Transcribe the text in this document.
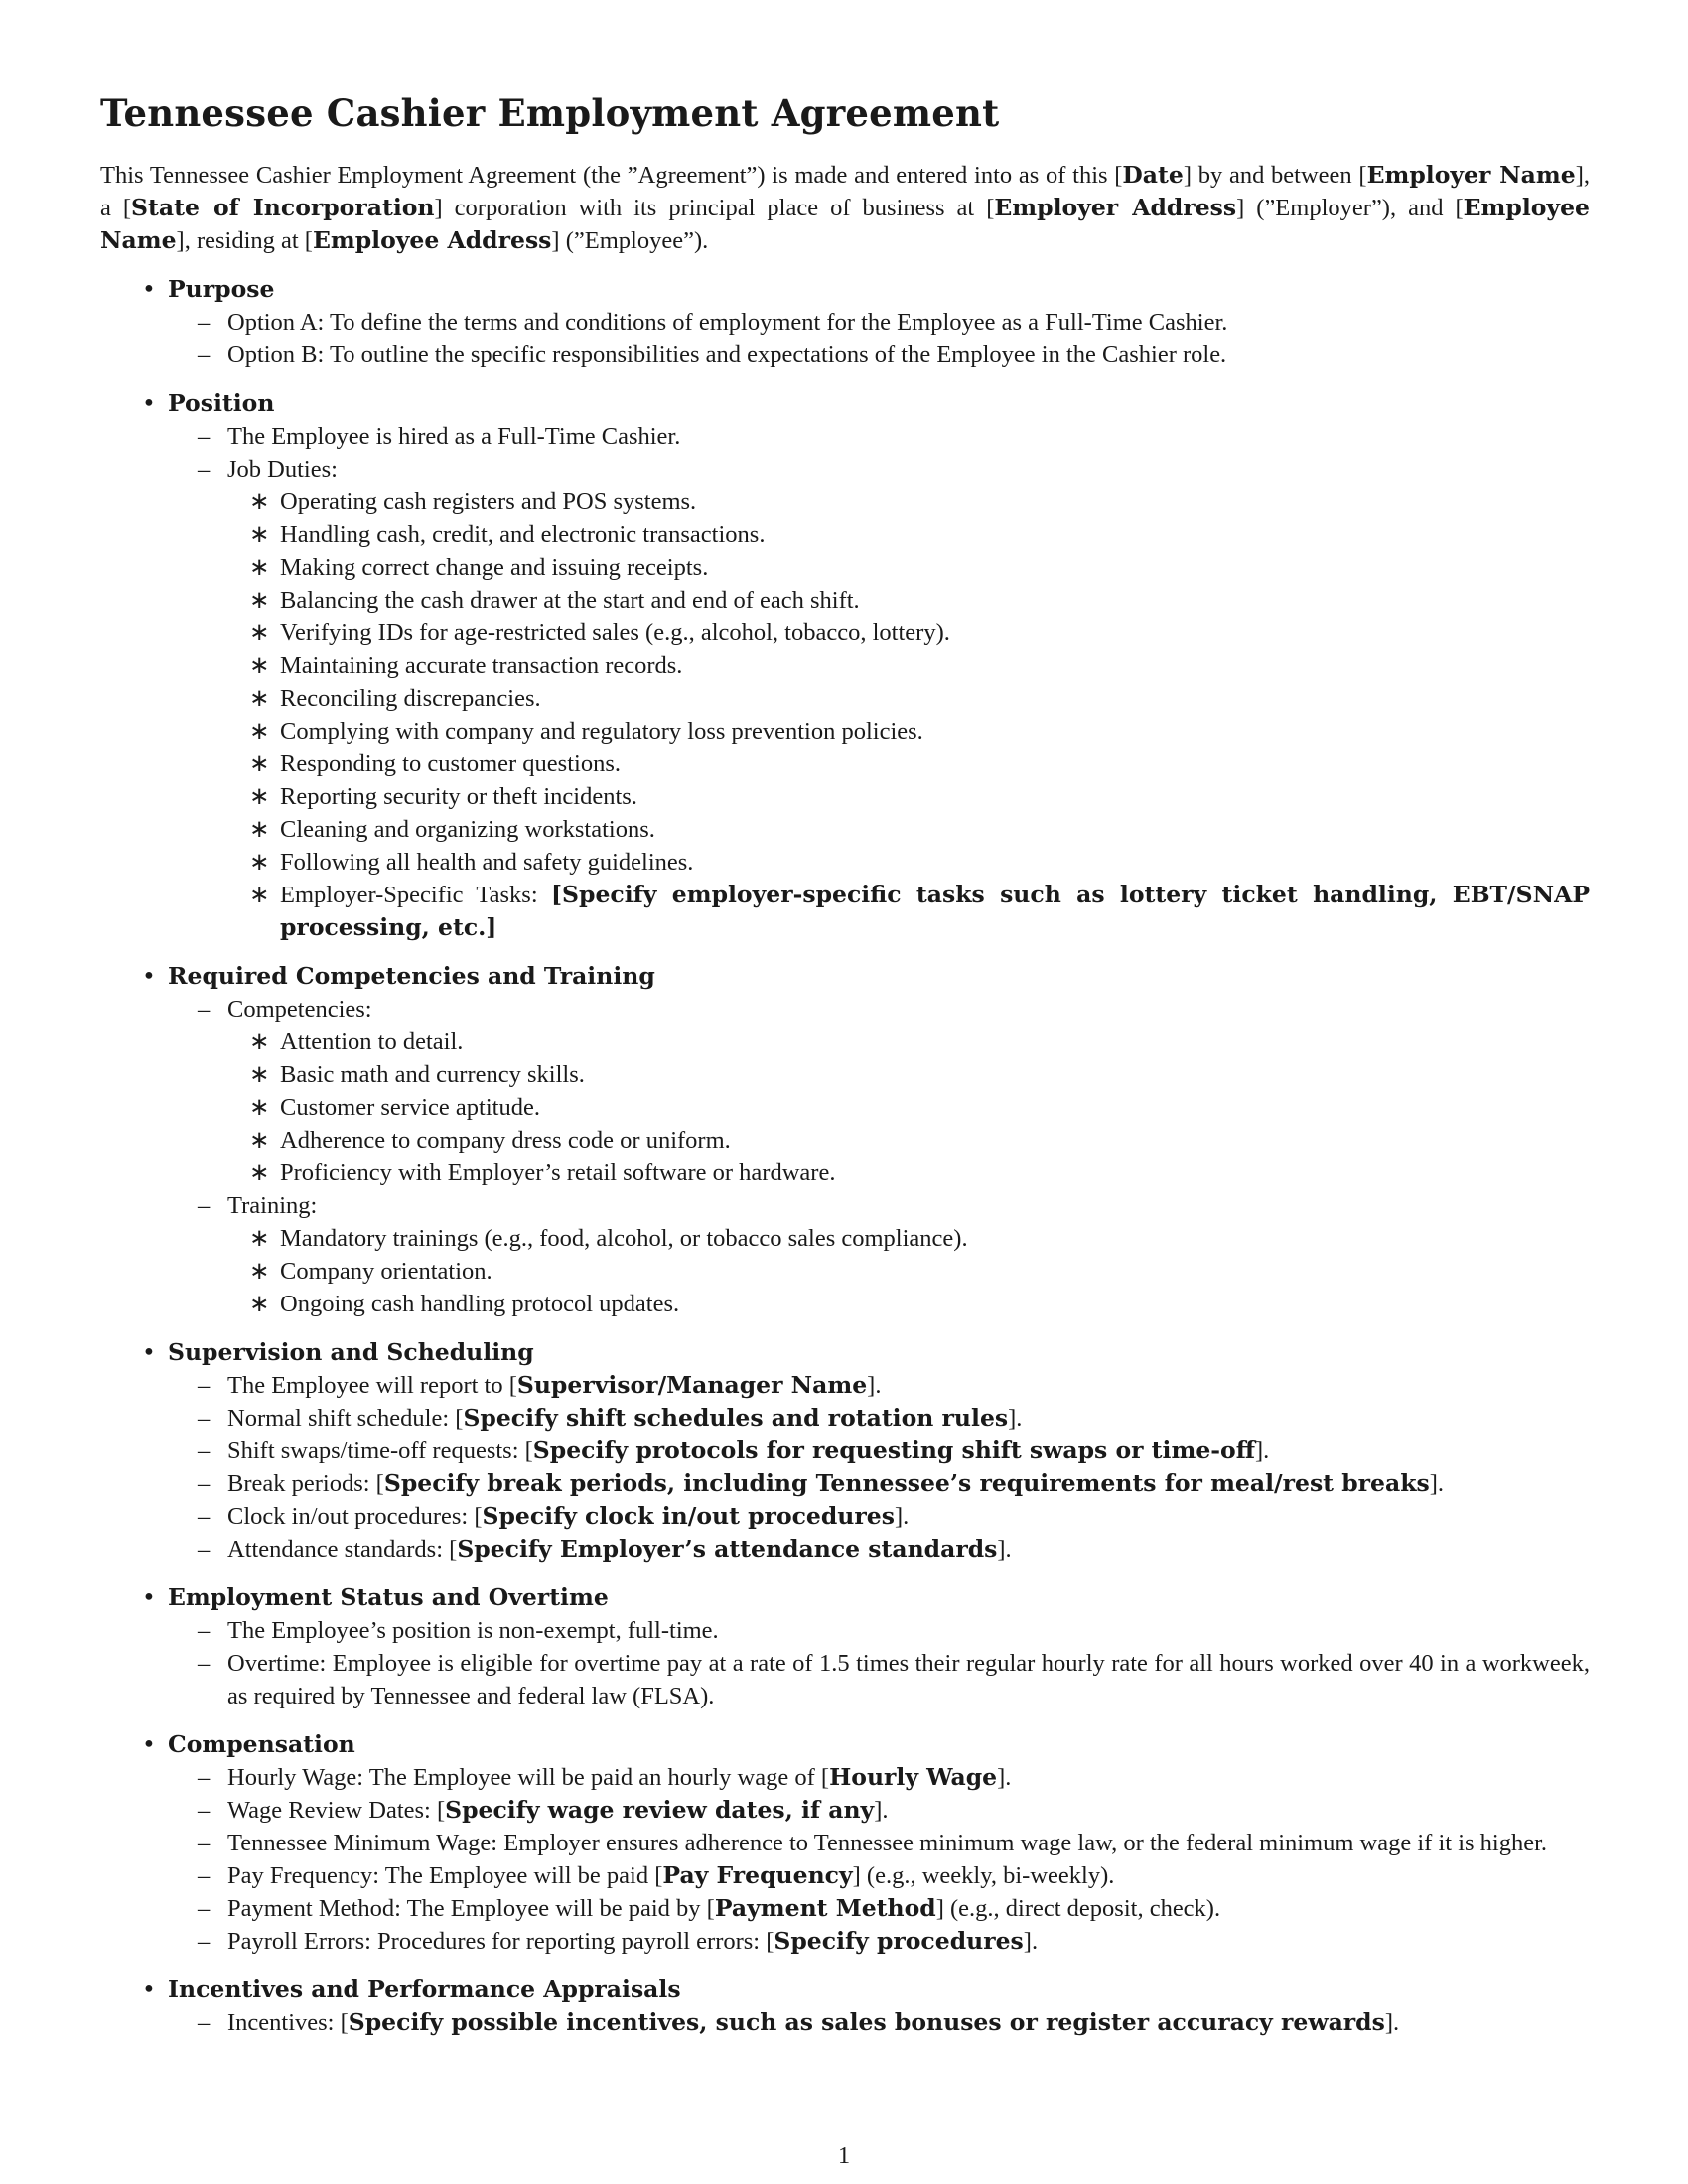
Tennessee Cashier Employment Agreement

This Tennessee Cashier Employment Agreement (the ”Agreement”) is made and entered into as of this [Date] by and between [Employer Name], a [State of Incorporation] corporation with its principal place of business at [Employer Address] (”Employer”), and [Employee Name], residing at [Employee Address] (”Employee”).

• Purpose
– Option A: To define the terms and conditions of employment for the Employee as a Full-Time Cashier.
– Option B: To outline the specific responsibilities and expectations of the Employee in the Cashier role.
• Position
– The Employee is hired as a Full-Time Cashier.
– Job Duties:
∗ Operating cash registers and POS systems.
∗ Handling cash, credit, and electronic transactions.
∗ Making correct change and issuing receipts.
∗ Balancing the cash drawer at the start and end of each shift.
∗ Verifying IDs for age-restricted sales (e.g., alcohol, tobacco, lottery).
∗ Maintaining accurate transaction records.
∗ Reconciling discrepancies.
∗ Complying with company and regulatory loss prevention policies.
∗ Responding to customer questions.
∗ Reporting security or theft incidents.
∗ Cleaning and organizing workstations.
∗ Following all health and safety guidelines.
∗ Employer-Specific Tasks: [Specify employer-specific tasks such as lottery ticket handling, EBT/SNAP processing, etc.]
• Required Competencies and Training
– Competencies:
∗ Attention to detail.
∗ Basic math and currency skills.
∗ Customer service aptitude.
∗ Adherence to company dress code or uniform.
∗ Proficiency with Employer’s retail software or hardware.
– Training:
∗ Mandatory trainings (e.g., food, alcohol, or tobacco sales compliance).
∗ Company orientation.
∗ Ongoing cash handling protocol updates.
• Supervision and Scheduling
– The Employee will report to [Supervisor/Manager Name].
– Normal shift schedule: [Specify shift schedules and rotation rules].
– Shift swaps/time-off requests: [Specify protocols for requesting shift swaps or time-off].
– Break periods: [Specify break periods, including Tennessee’s requirements for meal/rest breaks].
– Clock in/out procedures: [Specify clock in/out procedures].
– Attendance standards: [Specify Employer’s attendance standards].
• Employment Status and Overtime
– The Employee’s position is non-exempt, full-time.
– Overtime: Employee is eligible for overtime pay at a rate of 1.5 times their regular hourly rate for all hours worked over 40 in a workweek, as required by Tennessee and federal law (FLSA).
• Compensation
– Hourly Wage: The Employee will be paid an hourly wage of [Hourly Wage].
– Wage Review Dates: [Specify wage review dates, if any].
– Tennessee Minimum Wage: Employer ensures adherence to Tennessee minimum wage law, or the federal minimum wage if it is higher.
– Pay Frequency: The Employee will be paid [Pay Frequency] (e.g., weekly, bi-weekly).
– Payment Method: The Employee will be paid by [Payment Method] (e.g., direct deposit, check).
– Payroll Errors: Procedures for reporting payroll errors: [Specify procedures].
• Incentives and Performance Appraisals
– Incentives: [Specify possible incentives, such as sales bonuses or register accuracy rewards].
1
